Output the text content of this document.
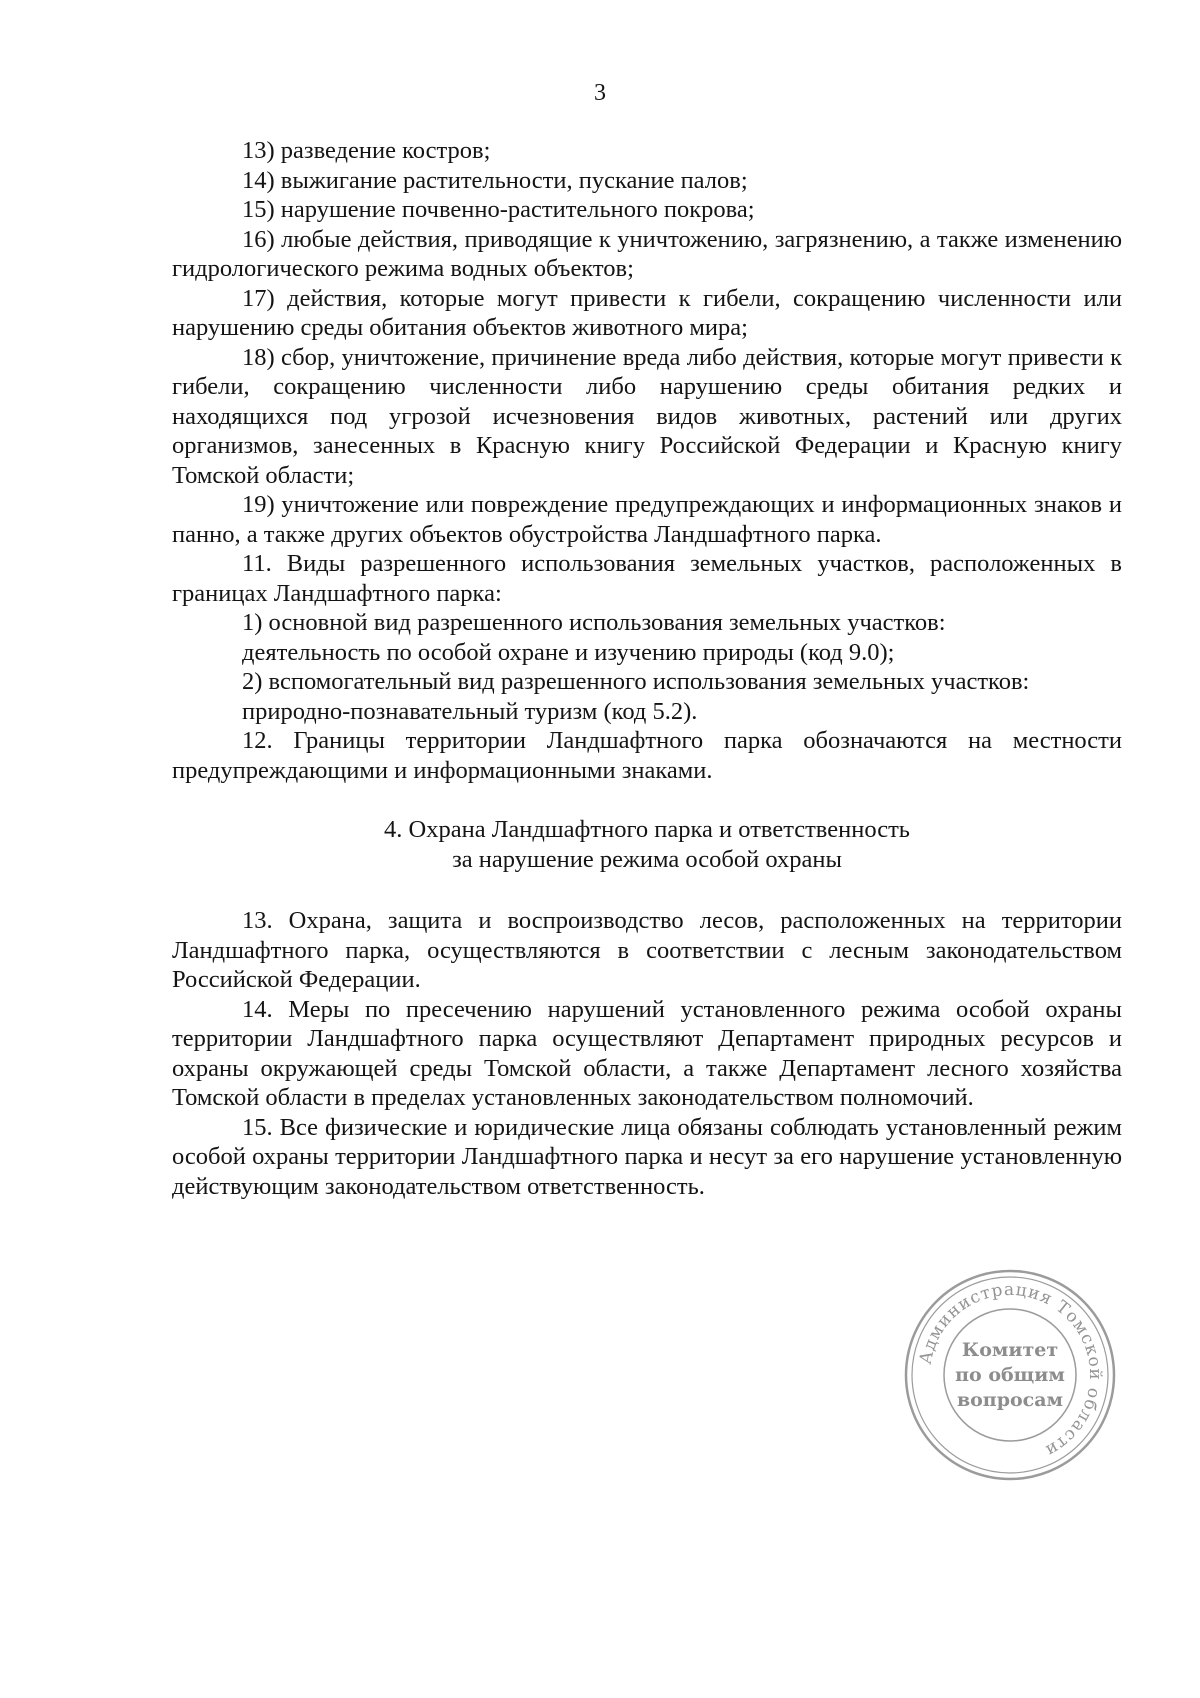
3

13) разведение костров;

14) выжигание растительности, пускание палов;

15) нарушение почвенно-растительного покрова;

16) любые действия, приводящие к уничтожению, загрязнению, а также изменению гидрологического режима водных объектов;

17) действия, которые могут привести к гибели, сокращению численности или нарушению среды обитания объектов животного мира;

18) сбор, уничтожение, причинение вреда либо действия, которые могут привести к гибели, сокращению численности либо нарушению среды обитания редких и находящихся под угрозой исчезновения видов животных, растений или других организмов, занесенных в Красную книгу Российской Федерации и Красную книгу Томской области;

19) уничтожение или повреждение предупреждающих и информационных знаков и панно, а также других объектов обустройства Ландшафтного парка.

11. Виды разрешенного использования земельных участков, расположенных в границах Ландшафтного парка:

1) основной вид разрешенного использования земельных участков:

деятельность по особой охране и изучению природы (код 9.0);

2) вспомогательный вид разрешенного использования земельных участков:

природно-познавательный туризм (код 5.2).

12. Границы территории Ландшафтного парка обозначаются на местности предупреждающими и информационными знаками.

4. Охрана Ландшафтного парка и ответственность
за нарушение режима особой охраны

13. Охрана, защита и воспроизводство лесов, расположенных на территории Ландшафтного парка, осуществляются в соответствии с лесным законодательством Российской Федерации.

14. Меры по пресечению нарушений установленного режима особой охраны территории Ландшафтного парка осуществляют Департамент природных ресурсов и охраны окружающей среды Томской области, а также Департамент лесного хозяйства Томской области в пределах установленных законодательством полномочий.

15. Все физические и юридические лица обязаны соблюдать установленный режим особой охраны территории Ландшафтного парка и несут за его нарушение установленную действующим законодательством ответственность.

Администрация Томской области
Комитет
по общим
вопросам
